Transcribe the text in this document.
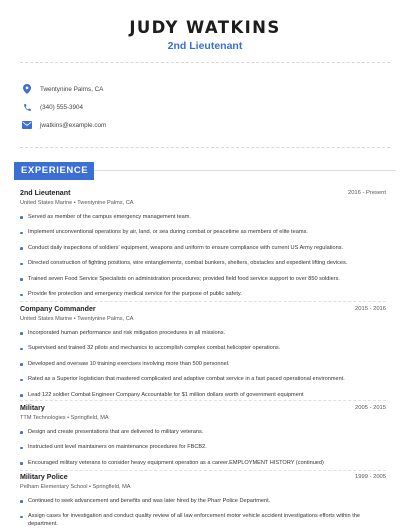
JUDY WATKINS
2nd Lieutenant
Twentynine Palms, CA
(340) 555-3904
jwatkins@example.com
EXPERIENCE
2nd Lieutenant	2016 - Present
United States Marine • Twentynine Palms, CA
Served as member of the campus emergency management team.
Implement unconventional operations by air, land, or sea during combat or peacetime as members of elite teams.
Conduct daily inspections of soldiers' equipment, weapons and uniform to ensure compliance with current US Army regulations.
Directed construction of fighting positions, wire entanglements, combat bunkers, shelters, obstacles and expedient lifting devices.
Trained seven Food Service Specialists on administration procedures; provided field food service support to over 850 soldiers.
Provide fire protection and emergency medical service for the purpose of public safety.
Company Commander	2015 - 2016
United States Marine • Twentynine Palms, CA
Incorporated human performance and risk mitigation procedures in all missions.
Supervised and trained 32 pilots and mechanics to accomplish complex combat helicopter operations.
Developed and oversaw 10 training exercises involving more than 500 personnel.
Rated as a Superior logistician that mastered complicated and adaptive combat service in a fast paced operational environment.
Lead 122 soldier Combat Engineer Company Accountable for $1 million dollars worth of government equipment
Military	2005 - 2015
TTM Technologies • Springfield, MA
Design and create presentations that are delivered to military veterans.
Instructed unit level maintainers on maintenance procedures for FBCB2.
Encouraged military veterans to consider heavy equipment operation as a career.EMPLOYMENT HISTORY (continued)
Military Police	1999 - 2005
Pelham Elementary School • Springfield, MA
Continued to seek advancement and benefits and was later hired by the Pharr Police Department.
Assign cases for investigation and conduct quality review of all law enforcement motor vehicle accident investigations efforts within the department.
